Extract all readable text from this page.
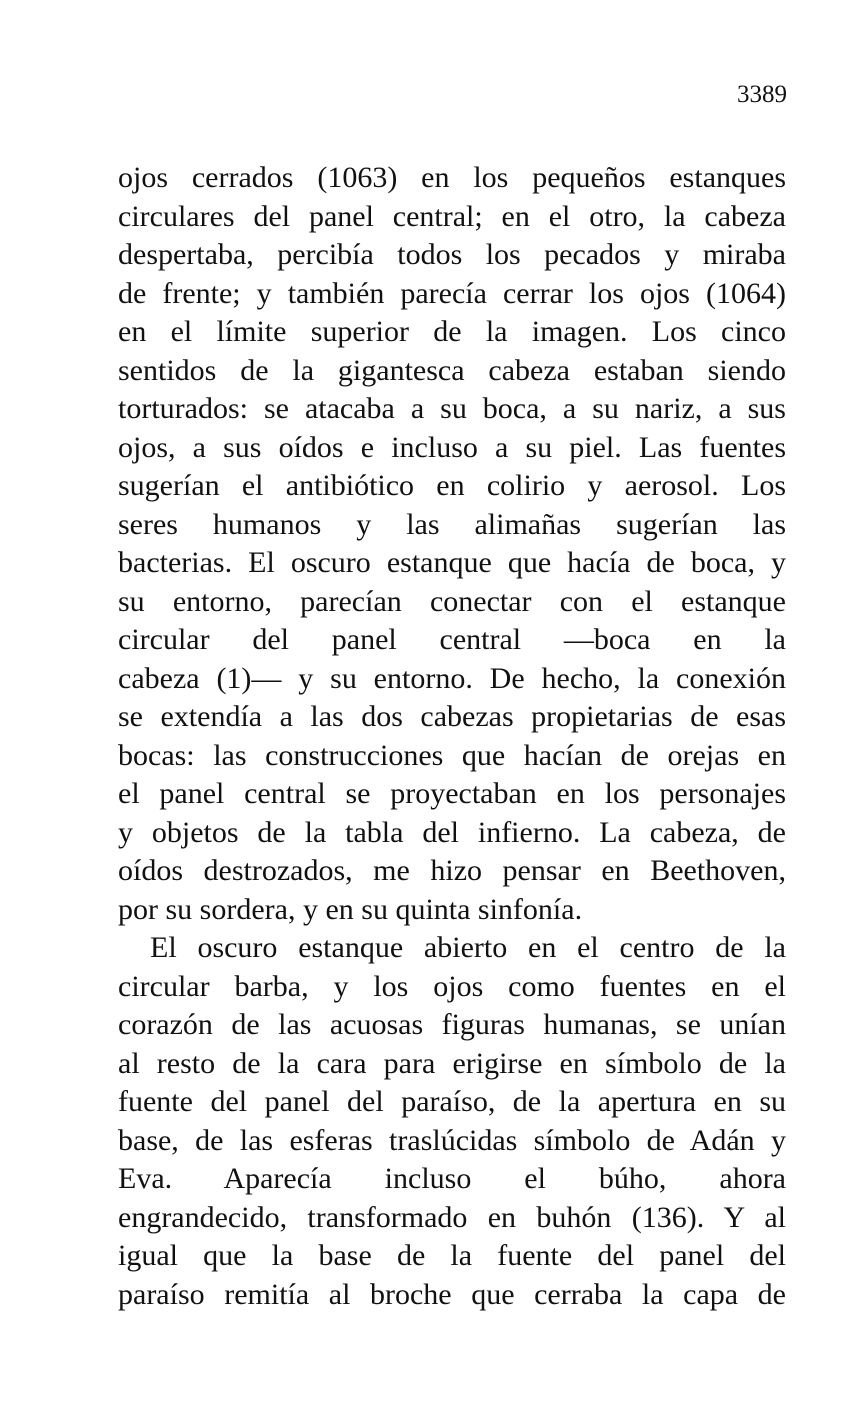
3389
ojos cerrados (1063) en los pequeños estanques
circulares del panel central; en el otro, la cabeza
despertaba, percibía todos los pecados y miraba
de frente; y también parecía cerrar los ojos (1064)
en el límite superior de la imagen. Los cinco
sentidos de la gigantesca cabeza estaban siendo
torturados: se atacaba a su boca, a su nariz, a sus
ojos, a sus oídos e incluso a su piel. Las fuentes
sugerían el antibiótico en colirio y aerosol. Los
seres humanos y las alimañas sugerían las
bacterias. El oscuro estanque que hacía de boca, y
su entorno, parecían conectar con el estanque
circular del panel central —boca en la
cabeza (1)— y su entorno. De hecho, la conexión
se extendía a las dos cabezas propietarias de esas
bocas: las construcciones que hacían de orejas en
el panel central se proyectaban en los personajes
y objetos de la tabla del infierno. La cabeza, de
oídos destrozados, me hizo pensar en Beethoven,
por su sordera, y en su quinta sinfonía.
El oscuro estanque abierto en el centro de la
circular barba, y los ojos como fuentes en el
corazón de las acuosas figuras humanas, se unían
al resto de la cara para erigirse en símbolo de la
fuente del panel del paraíso, de la apertura en su
base, de las esferas traslúcidas símbolo de Adán y
Eva. Aparecía incluso el búho, ahora
engrandecido, transformado en buhón (136). Y al
igual que la base de la fuente del panel del
paraíso remitía al broche que cerraba la capa de
